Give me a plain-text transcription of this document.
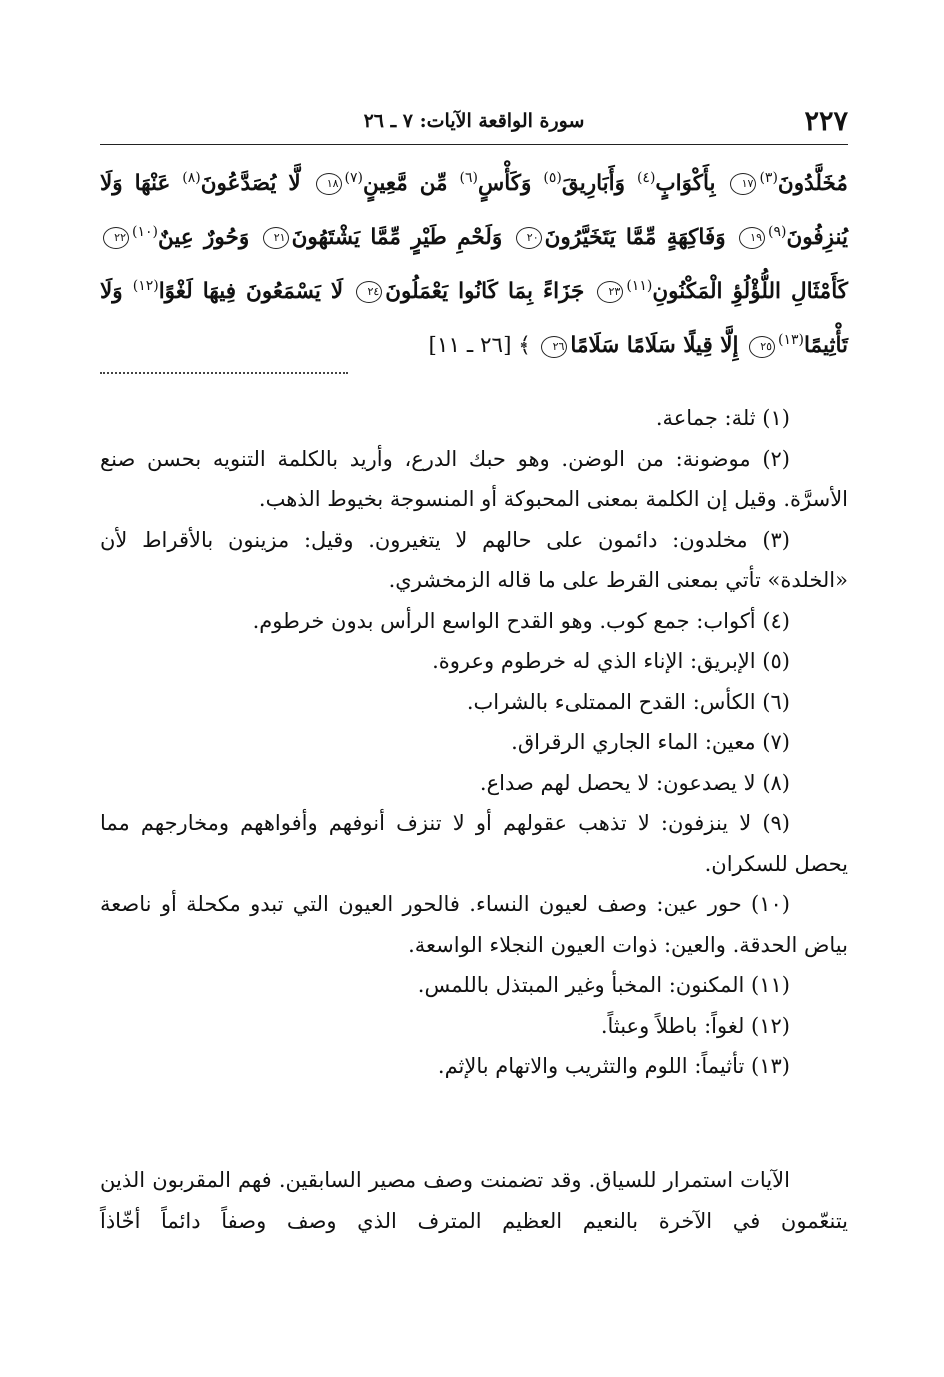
٢٢٧
سورة الواقعة الآيات: ٧ ـ ٢٦
مُخَلَّدُونَ$^{(٣)}$١٧ بِأَكْوَابٍ$^{(٤)}$ وَأَبَارِيقَ$^{(٥)}$ وَكَأْسٍ$^{(٦)}$ مِّن مَّعِينٍ$^{(٧)}$١٨ لَّا يُصَدَّعُونَ$^{(٨)}$ عَنْهَا وَلَا يُنزِفُونَ$^{(٩)}$١٩ وَفَاكِهَةٍ مِّمَّا يَتَخَيَّرُونَ٢٠ وَلَحْمِ طَيْرٍ مِّمَّا يَشْتَهُونَ٢١ وَحُورٌ عِينٌ$^{(١٠)}$٢٢ كَأَمْثَالِ اللُّؤْلُؤِ الْمَكْنُونِ$^{(١١)}$٢٣ جَزَاءً بِمَا كَانُوا يَعْمَلُونَ٢٤ لَا يَسْمَعُونَ فِيهَا لَغْوًا$^{(١٢)}$ وَلَا تَأْثِيمًا$^{(١٣)}$٢٥ إِلَّا قِيلًا سَلَامًا سَلَامًا٢٦ ﴾ [٢٦ ـ ١١]

(١) ثلة: جماعة.

(٢) موضونة: من الوضن. وهو حبك الدرع، وأريد بالكلمة التنويه بحسن صنع الأسرَّة. وقيل إن الكلمة بمعنى المحبوكة أو المنسوجة بخيوط الذهب.

(٣) مخلدون: دائمون على حالهم لا يتغيرون. وقيل: مزينون بالأقراط لأن «الخلدة» تأتي بمعنى القرط على ما قاله الزمخشري.

(٤) أكواب: جمع كوب. وهو القدح الواسع الرأس بدون خرطوم.

(٥) الإبريق: الإناء الذي له خرطوم وعروة.

(٦) الكأس: القدح الممتلىء بالشراب.

(٧) معين: الماء الجاري الرقراق.

(٨) لا يصدعون: لا يحصل لهم صداع.

(٩) لا ينزفون: لا تذهب عقولهم أو لا تنزف أنوفهم وأفواههم ومخارجهم مما يحصل للسكران.

(١٠) حور عين: وصف لعيون النساء. فالحور العيون التي تبدو مكحلة أو ناصعة بياض الحدقة. والعين: ذوات العيون النجلاء الواسعة.

(١١) المكنون: المخبأ وغير المبتذل باللمس.

(١٢) لغواً: باطلاً وعبثاً.

(١٣) تأثيماً: اللوم والتثريب والاتهام بالإثم.

الآيات استمرار للسياق. وقد تضمنت وصف مصير السابقين. فهم المقربون الذين يتنعّمون في الآخرة بالنعيم العظيم المترف الذي وصف وصفاً دائماً أخّاذاً
